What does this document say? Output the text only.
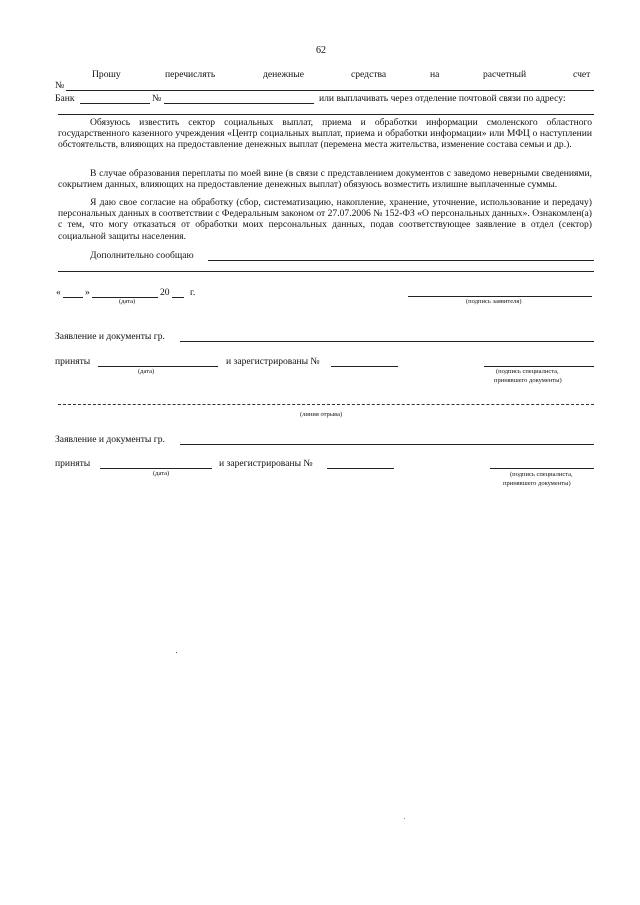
62
Прошу	перечислять	денежные	средства	на	расчетный	счет
№
Банк	№	или выплачивать через отделение почтовой связи по адресу:
Обязуюсь известить сектор социальных выплат, приема и обработки информации смоленского областного государственного казенного учреждения «Центр социальных выплат, приема и обработки информации» или МФЦ о наступлении обстоятельств, влияющих на предоставление денежных выплат (перемена места жительства, изменение состава семьи и др.).
В случае образования переплаты по моей вине (в связи с представлением документов с заведомо неверными сведениями, сокрытием данных, влияющих на предоставление денежных выплат) обязуюсь возместить излишне выплаченные суммы.
Я даю свое согласие на обработку (сбор, систематизацию, накопление, хранение, уточнение, использование и передачу) персональных данных в соответствии с Федеральным законом от 27.07.2006 № 152-ФЗ «О персональных данных». Ознакомлен(а) с тем, что могу отказаться от обработки моих персональных данных, подав соответствующее заявление в отдел (сектор) социальной защиты населения.
Дополнительно сообщаю
«	»	20 г.
(дата)	(подпись заявителя)
Заявление и документы гр.
приняты
(дата)
и зарегистрированы №
(подпись специалиста,
принявшего документы)
(линия отрыва)
Заявление и документы гр.
приняты
(дата)
и зарегистрированы №
(подпись специалиста,
принявшего документы)
